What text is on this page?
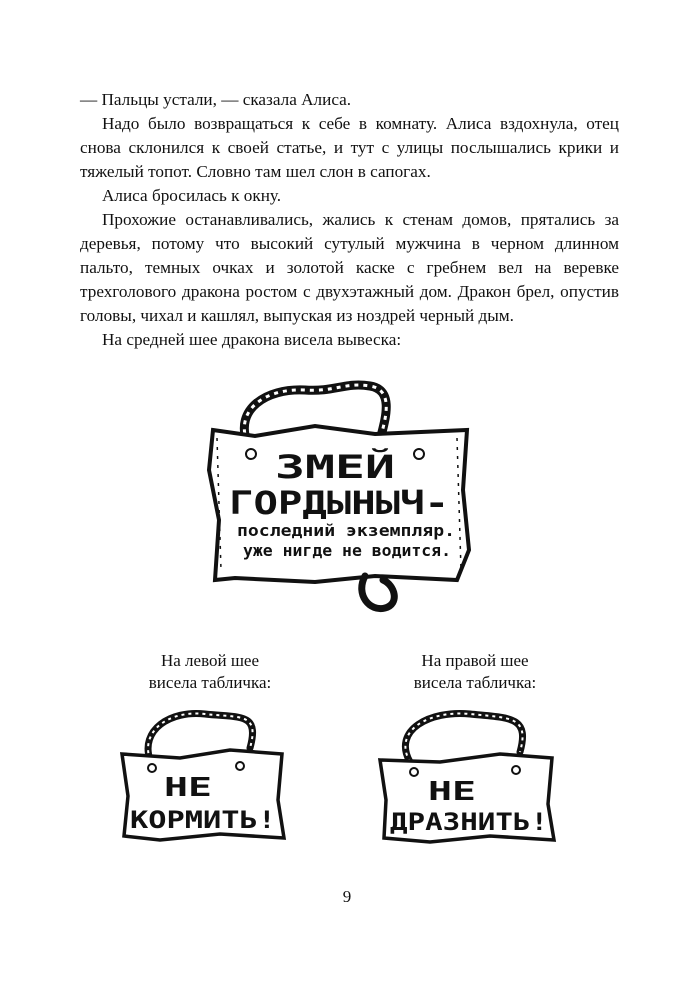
— Пальцы устали, — сказала Алиса.

Надо было возвращаться к себе в комнату. Алиса вздохнула, отец снова склонился к своей статье, и тут с улицы послышались крики и тяжелый топот. Словно там шел слон в сапогах.

Алиса бросилась к окну.

Прохожие останавливались, жались к стенам домов, прятались за деревья, потому что высокий сутулый мужчина в черном длинном пальто, темных очках и золотой каске с гребнем вел на веревке трехголового дракона ростом с двухэтажный дом. Дракон брел, опустив головы, чихал и кашлял, выпуская из ноздрей черный дым.

На средней шее дракона висела вывеска:

ЗМЕЙ
ГОРДЫНЫЧ-
последний экземпляр.
уже нигде не водится.
На левой шее
висела табличка:
На правой шее
висела табличка:
НЕ
КОРМИТЬ!
НЕ
ДРАЗНИТЬ!
9
